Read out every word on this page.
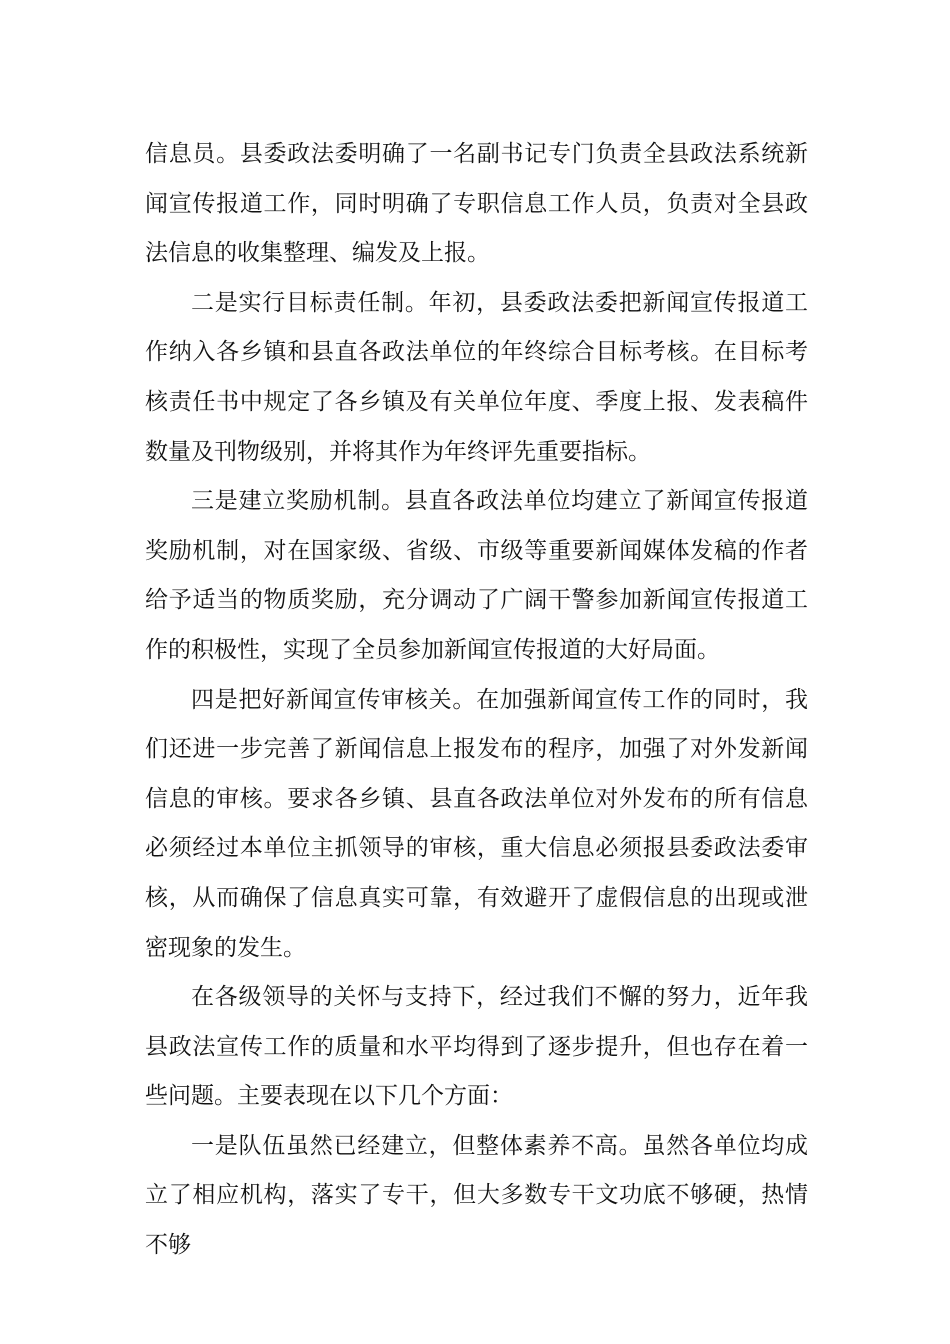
信息员。县委政法委明确了一名副书记专门负责全县政法系统新闻宣传报道工作，同时明确了专职信息工作人员，负责对全县政法信息的收集整理、编发及上报。

二是实行目标责任制。年初，县委政法委把新闻宣传报道工作纳入各乡镇和县直各政法单位的年终综合目标考核。在目标考核责任书中规定了各乡镇及有关单位年度、季度上报、发表稿件数量及刊物级别，并将其作为年终评先重要指标。

三是建立奖励机制。县直各政法单位均建立了新闻宣传报道奖励机制，对在国家级、省级、市级等重要新闻媒体发稿的作者给予适当的物质奖励，充分调动了广阔干警参加新闻宣传报道工作的积极性，实现了全员参加新闻宣传报道的大好局面。

四是把好新闻宣传审核关。在加强新闻宣传工作的同时，我们还进一步完善了新闻信息上报发布的程序，加强了对外发新闻信息的审核。要求各乡镇、县直各政法单位对外发布的所有信息必须经过本单位主抓领导的审核，重大信息必须报县委政法委审核，从而确保了信息真实可靠，有效避开了虚假信息的出现或泄密现象的发生。

在各级领导的关怀与支持下，经过我们不懈的努力，近年我县政法宣传工作的质量和水平均得到了逐步提升，但也存在着一些问题。主要表现在以下几个方面：

一是队伍虽然已经建立，但整体素养不高。虽然各单位均成立了相应机构，落实了专干，但大多数专干文功底不够硬，热情不够
